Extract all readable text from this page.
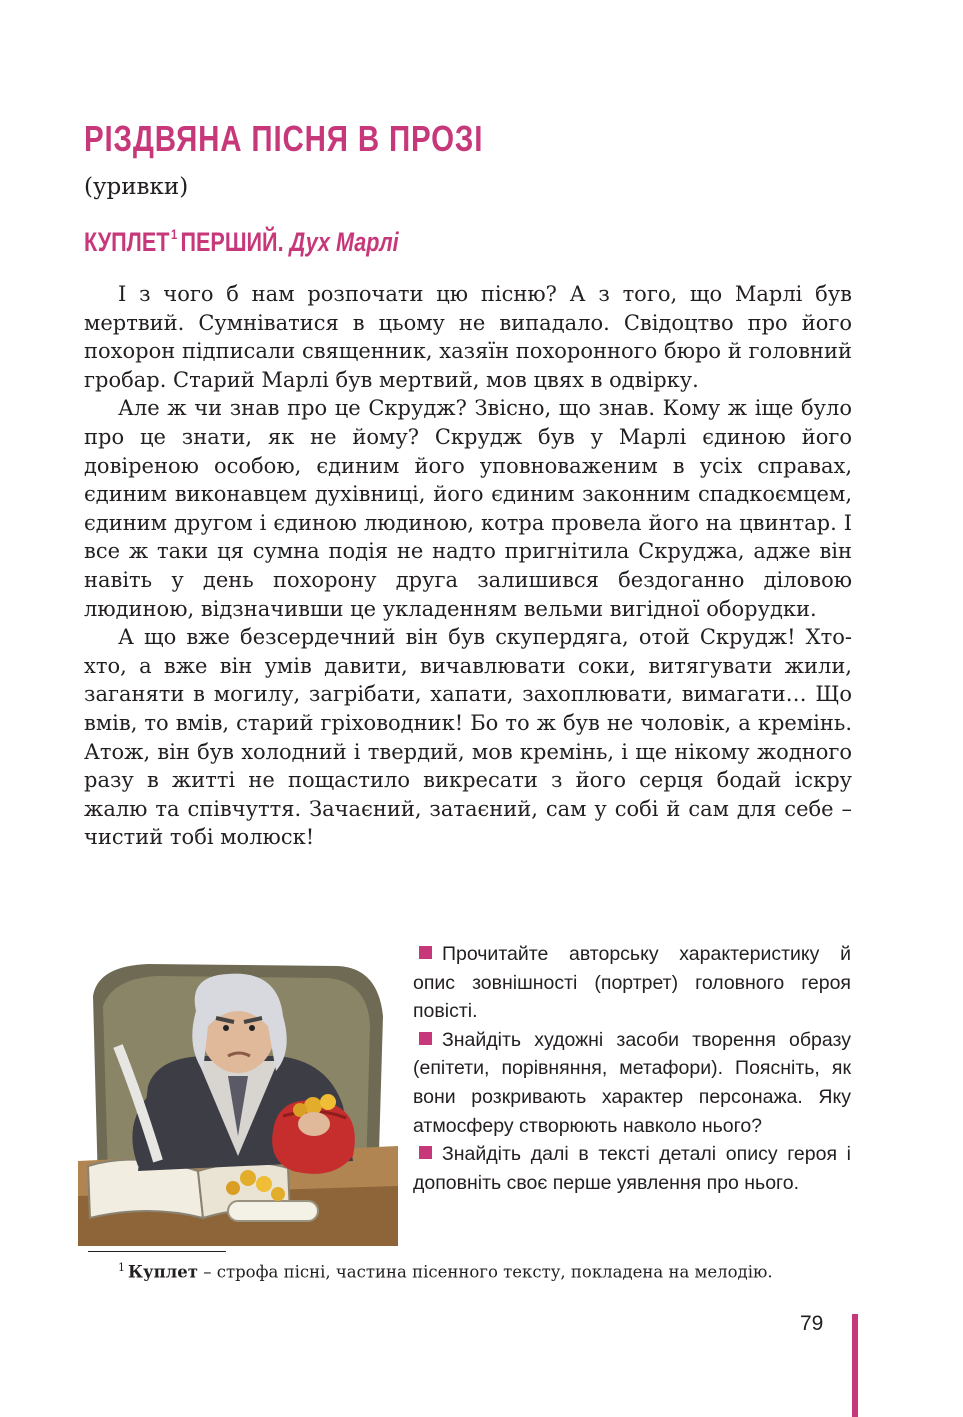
РІЗДВЯНА ПІСНЯ В ПРОЗІ
(уривки)
КУПЛЕТ $^1$ ПЕРШИЙ. Дух Марлі

І з чого б нам розпочати цю пісню? А з того, що Марлі був мертвий. Сумніватися в цьому не випадало. Свідоцтво про його похорон підписали священник, хазяїн похоронного бюро й головний гробар. Старий Марлі був мертвий, мов цвях в одвірку.

Але ж чи знав про це Скрудж? Звісно, що знав. Кому ж іще було про це знати, як не йому? Скрудж був у Марлі єдиною його довіреною особою, єдиним його уповноваженим в усіх справах, єдиним виконавцем духівниці, його єдиним законним спадкоємцем, єдиним другом і єдиною людиною, котра провела його на цвинтар. І все ж таки ця сумна подія не надто пригнітила Скруджа, адже він навіть у день похорону друга залишився бездоганно діловою людиною, відзначивши це укладенням вельми вигідної оборудки.

А що вже безсердечний він був скупердяга, отой Скрудж! Хто-хто, а вже він умів давити, вичавлювати соки, витягувати жили, заганяти в могилу, загрібати, хапати, захоплювати, вимагати… Що вмів, то вмів, старий гріховодник! Бо то ж був не чоловік, а кремінь. Атож, він був холодний і твердий, мов кремінь, і ще нікому жодного разу в житті не пощастило викресати з його серця бодай іскру жалю та співчуття. Зачаєний, затаєний, сам у собі й сам для себе – чистий тобі молюск!

Прочитайте авторську характеристику й опис зовнішності (портрет) головного героя повісті.

Знайдіть художні засоби творення образу (епітети, порівняння, метафори). Поясніть, як вони розкривають характер персонажа. Яку атмосферу створюють навколо нього?

Знайдіть далі в тексті деталі опису героя і доповніть своє перше уявлення про нього.

$^1$ Куплет – строфа пісні, частина пісенного тексту, покладена на мелодію.
79
